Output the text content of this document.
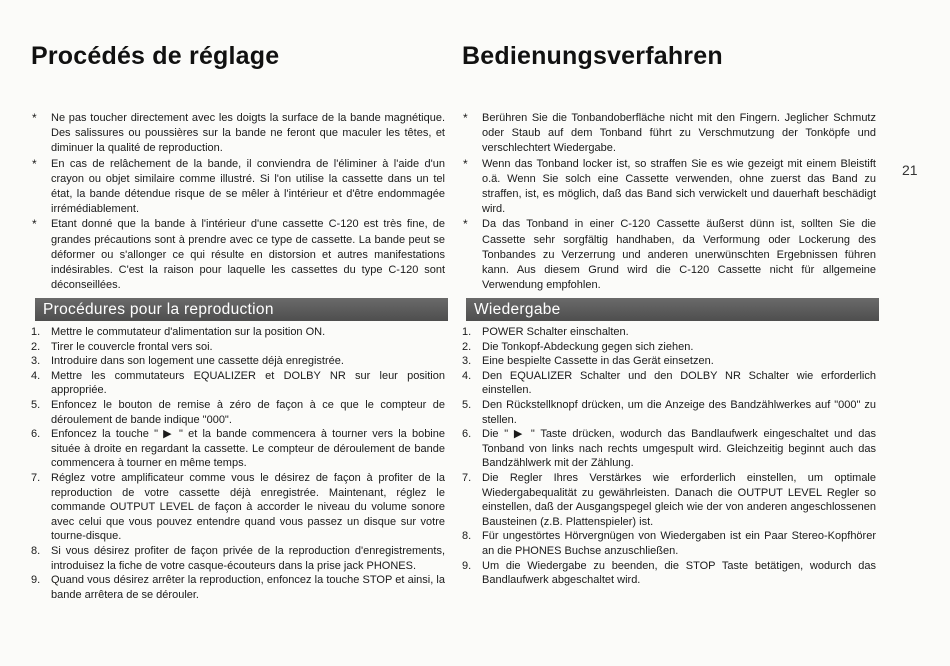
Procédés de réglage
* Ne pas toucher directement avec les doigts la surface de la bande magnétique. Des salissures ou poussières sur la bande ne feront que maculer les têtes, et diminuer la qualité de reproduction.
* En cas de relâchement de la bande, il conviendra de l'éliminer à l'aide d'un crayon ou objet similaire comme illustré. Si l'on utilise la cassette dans un tel état, la bande détendue risque de se mêler à l'intérieur et d'être endommagée irrémédiablement.
* Etant donné que la bande à l'intérieur d'une cassette C-120 est très fine, de grandes précautions sont à prendre avec ce type de cassette. La bande peut se déformer ou s'allonger ce qui résulte en distorsion et autres manifestations indésirables. C'est la raison pour laquelle les cassettes du type C-120 sont déconseillées.
Procédures pour la reproduction
1. Mettre le commutateur d'alimentation sur la position ON.
2. Tirer le couvercle frontal vers soi.
3. Introduire dans son logement une cassette déjà enregistrée.
4. Mettre les commutateurs EQUALIZER et DOLBY NR sur leur position appropriée.
5. Enfoncez le bouton de remise à zéro de façon à ce que le compteur de déroulement de bande indique "000".
6. Enfoncez la touche " ▶ " et la bande commencera à tourner vers la bobine située à droite en regardant la cassette. Le compteur de déroulement de bande commencera à tourner en même temps.
7. Réglez votre amplificateur comme vous le désirez de façon à profiter de la reproduction de votre cassette déjà enregistrée. Maintenant, réglez le commande OUTPUT LEVEL de façon à accorder le niveau du volume sonore avec celui que vous pouvez entendre quand vous passez un disque sur votre tourne-disque.
8. Si vous désirez profiter de façon privée de la reproduction d'enregistrements, introduisez la fiche de votre casque-écouteurs dans la prise jack PHONES.
9. Quand vous désirez arrêter la reproduction, enfoncez la touche STOP et ainsi, la bande arrêtera de se dérouler.
Bedienungsverfahren
* Berühren Sie die Tonbandoberfläche nicht mit den Fingern. Jeglicher Schmutz oder Staub auf dem Tonband führt zu Verschmutzung der Tonköpfe und verschlechtert Wiedergabe.
* Wenn das Tonband locker ist, so straffen Sie es wie gezeigt mit einem Bleistift o.ä. Wenn Sie solch eine Cassette verwenden, ohne zuerst das Band zu straffen, ist, es möglich, daß das Band sich verwickelt und dauerhaft beschädigt wird.
* Da das Tonband in einer C-120 Cassette äußerst dünn ist, sollten Sie die Cassette sehr sorgfältig handhaben, da Verformung oder Lockerung des Tonbandes zu Verzerrung und anderen unerwünschten Ergebnissen führen kann. Aus diesem Grund wird die C-120 Cassette nicht für allgemeine Verwendung empfohlen.
Wiedergabe
1. POWER Schalter einschalten.
2. Die Tonkopf-Abdeckung gegen sich ziehen.
3. Eine bespielte Cassette in das Gerät einsetzen.
4. Den EQUALIZER Schalter und den DOLBY NR Schalter wie erforderlich einstellen.
5. Den Rückstellknopf drücken, um die Anzeige des Bandzählwerkes auf "000" zu stellen.
6. Die " ▶ " Taste drücken, wodurch das Bandlaufwerk eingeschaltet und das Tonband von links nach rechts umgespult wird. Gleichzeitig beginnt auch das Bandzählwerk mit der Zählung.
7. Die Regler Ihres Verstärkes wie erforderlich einstellen, um optimale Wiedergabequalität zu gewährleisten. Danach die OUTPUT LEVEL Regler so einstellen, daß der Ausgangspegel gleich wie der von anderen angeschlossenen Bausteinen (z.B. Plattenspieler) ist.
8. Für ungestörtes Hörvergnügen von Wiedergaben ist ein Paar Stereo-Kopfhörer an die PHONES Buchse anzuschließen.
9. Um die Wiedergabe zu beenden, die STOP Taste betätigen, wodurch das Bandlaufwerk abgeschaltet wird.
21
